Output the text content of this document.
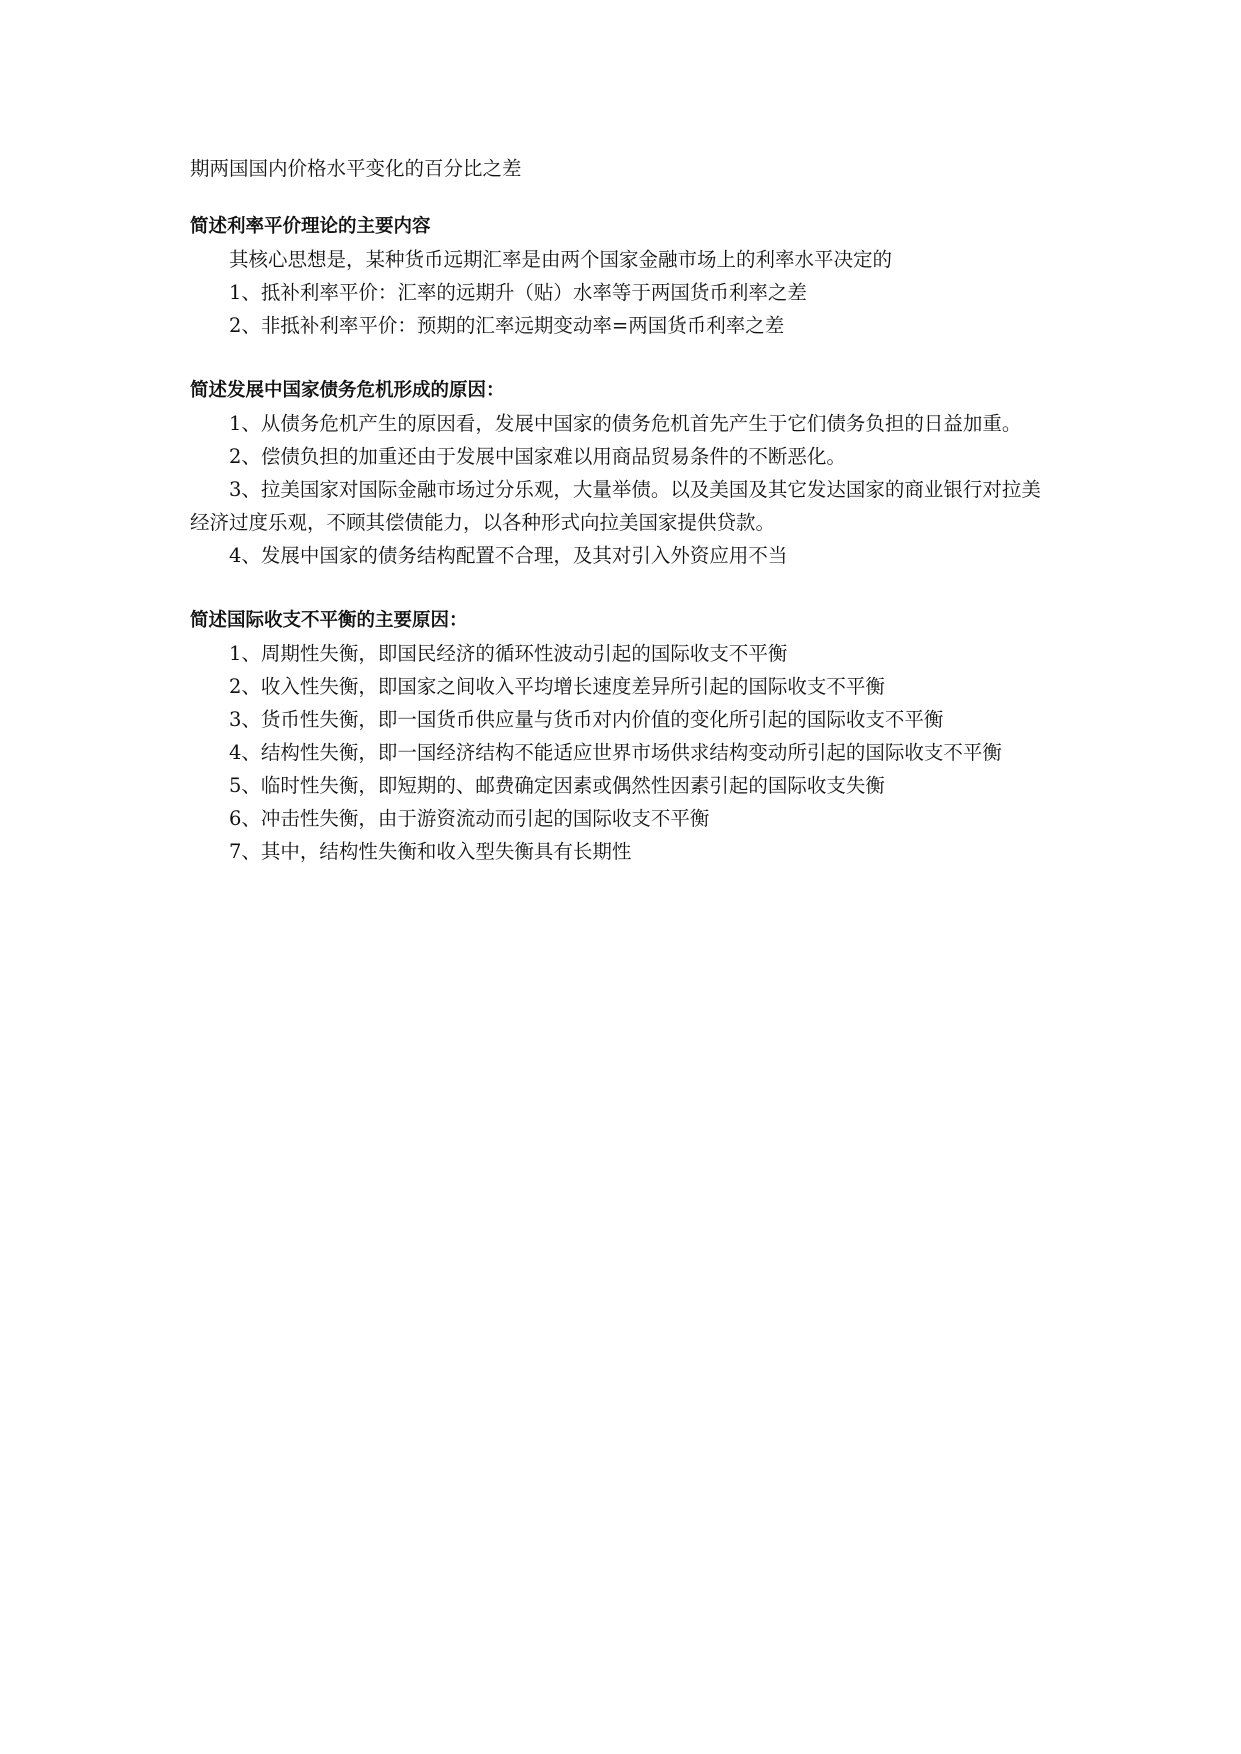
期两国国内价格水平变化的百分比之差
简述利率平价理论的主要内容
其核心思想是，某种货币远期汇率是由两个国家金融市场上的利率水平决定的
1、抵补利率平价：汇率的远期升（贴）水率等于两国货币利率之差
2、非抵补利率平价：预期的汇率远期变动率=两国货币利率之差
简述发展中国家债务危机形成的原因：
1、从债务危机产生的原因看，发展中国家的债务危机首先产生于它们债务负担的日益加重。
2、偿债负担的加重还由于发展中国家难以用商品贸易条件的不断恶化。
3、拉美国家对国际金融市场过分乐观，大量举债。以及美国及其它发达国家的商业银行对拉美经济过度乐观，不顾其偿债能力，以各种形式向拉美国家提供贷款。
4、发展中国家的债务结构配置不合理，及其对引入外资应用不当
简述国际收支不平衡的主要原因：
1、周期性失衡，即国民经济的循环性波动引起的国际收支不平衡
2、收入性失衡，即国家之间收入平均增长速度差异所引起的国际收支不平衡
3、货币性失衡，即一国货币供应量与货币对内价值的变化所引起的国际收支不平衡
4、结构性失衡，即一国经济结构不能适应世界市场供求结构变动所引起的国际收支不平衡
5、临时性失衡，即短期的、邮费确定因素或偶然性因素引起的国际收支失衡
6、冲击性失衡，由于游资流动而引起的国际收支不平衡
7、其中，结构性失衡和收入型失衡具有长期性
